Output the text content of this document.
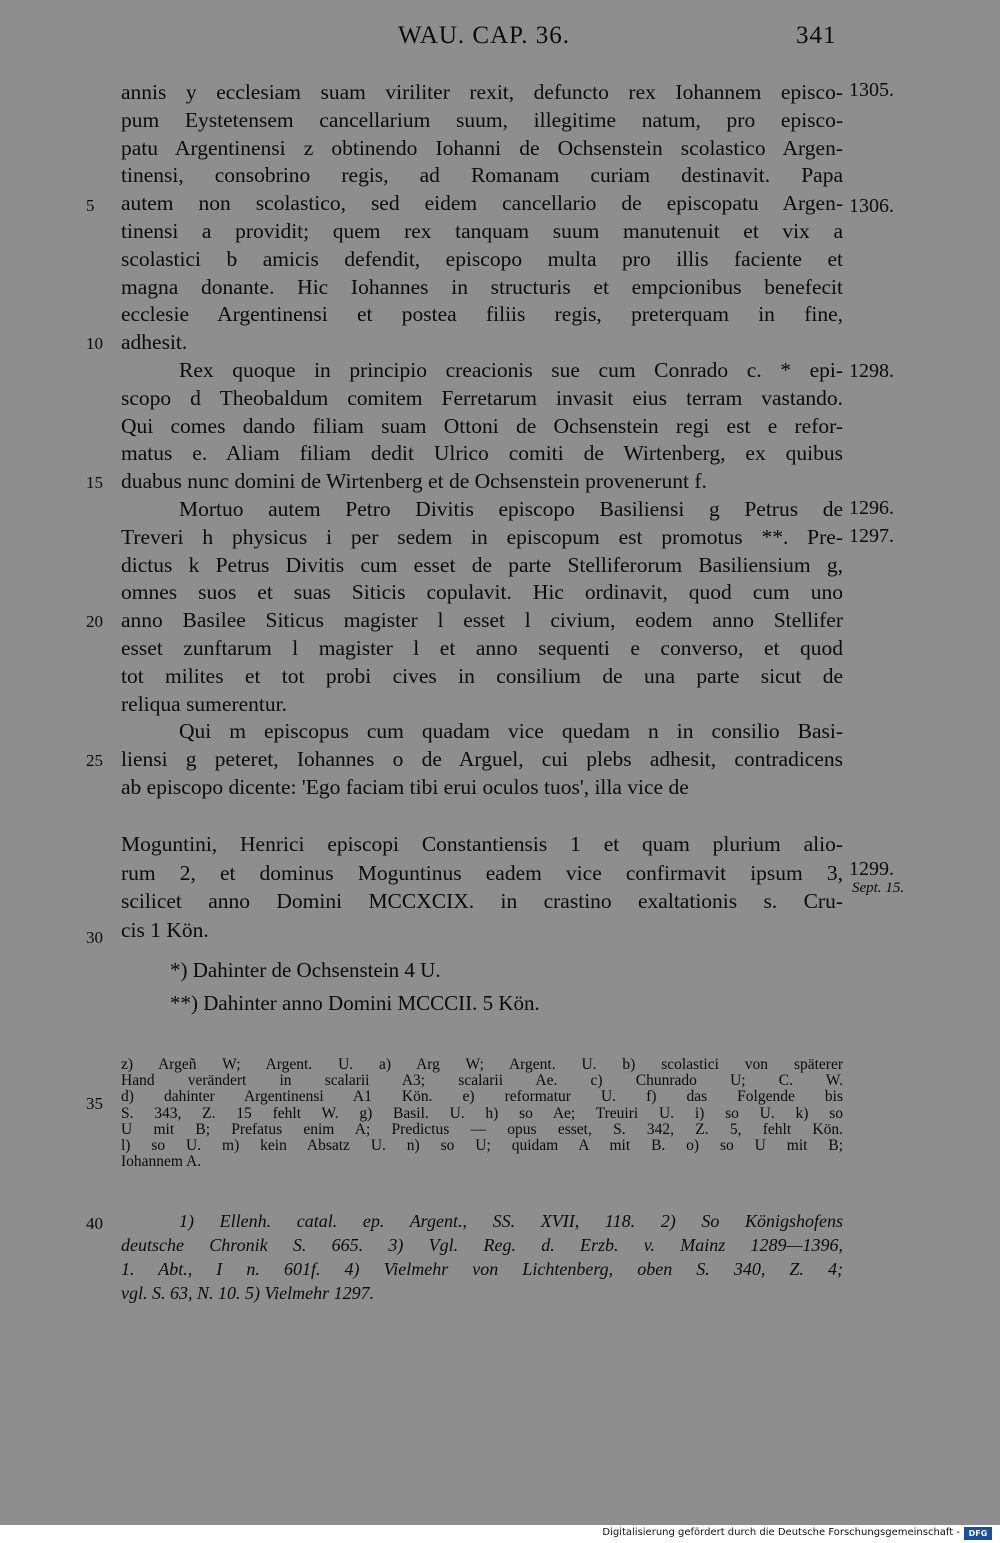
WAU. CAP. 36.	341
annis y ecclesiam suam viriliter rexit, defuncto rex Iohannem episco-
pum Eystetensem cancellarium suum, illegitime natum, pro episco-
patu Argentinensi z obtinendo Iohanni de Ochsenstein scolastico Argen-
tinensi, consobrino regis, ad Romanam curiam destinavit. Papa
autem non scolastico, sed eidem cancellario de episcopatu Argen-
tinensi a providit; quem rex tanquam suum manutenuit et vix a
scolastici b amicis defendit, episcopo multa pro illis faciente et
magna donante. Hic Iohannes in structuris et empcionibus benefecit
ecclesie Argentinensi et postea filiis regis, preterquam in fine,
adhesit.
Rex quoque in principio creacionis sue cum Conrado c. * epi-
scopo d Theobaldum comitem Ferretarum invasit eius terram vastando.
Qui comes dando filiam suam Ottoni de Ochsenstein regi est e refor-
matus e. Aliam filiam dedit Ulrico comiti de Wirtenberg, ex quibus
duabus nunc domini de Wirtenberg et de Ochsenstein provenerunt f.
Mortuo autem Petro Divitis episcopo Basiliensi g Petrus de
Treveri h physicus i per sedem in episcopum est promotus **. Pre-
dictus k Petrus Divitis cum esset de parte Stelliferorum Basiliensium g,
omnes suos et suas Siticis copulavit. Hic ordinavit, quod cum uno
anno Basilee Siticus magister l esset l civium, eodem anno Stellifer
esset zunftarum l magister l et anno sequenti e converso, et quod
tot milites et tot probi cives in consilium de una parte sicut de
reliqua sumerentur.
Qui m episcopus cum quadam vice quedam n in consilio Basi-
liensi g peteret, Iohannes o de Arguel, cui plebs adhesit, contradicens
ab episcopo dicente: 'Ego faciam tibi erui oculos tuos', illa vice de
Moguntini, Henrici episcopi Constantiensis 1 et quam plurium alio-
rum 2, et dominus Moguntinus eadem vice confirmavit ipsum 3,
scilicet anno Domini MCCXCIX. in crastino exaltationis s. Cru-
cis 1 Kön.
5
10
15
20
25
30
35
40
1305.
1306.
1298.
1296.
1297.
1299.
Sept. 15.
*) Dahinter de Ochsenstein 4 U.
**) Dahinter anno Domini MCCCII. 5 Kön.
z) Argeñ W; Argent. U. a) Arg W; Argent. U. b) scolastici von späterer
Hand verändert in scalarii A3; scalarii Ae. c) Chunrado U; C. W.
d) dahinter Argentinensi A1 Kön. e) reformatur U. f) das Folgende bis
S. 343, Z. 15 fehlt W. g) Basil. U. h) so Ae; Treuiri U. i) so U. k) so
U mit B; Prefatus enim A; Predictus — opus esset, S. 342, Z. 5, fehlt Kön.
l) so U. m) kein Absatz U. n) so U; quidam A mit B. o) so U mit B;
Iohannem A.
1) Ellenh. catal. ep. Argent., SS. XVII, 118. 2) So Königshofens
deutsche Chronik S. 665. 3) Vgl. Reg. d. Erzb. v. Mainz 1289—1396,
1. Abt., I n. 601f. 4) Vielmehr von Lichtenberg, oben S. 340, Z. 4;
vgl. S. 63, N. 10. 5) Vielmehr 1297.
Digitalisierung gefördert durch die Deutsche Forschungsgemeinschaft -	DFG
